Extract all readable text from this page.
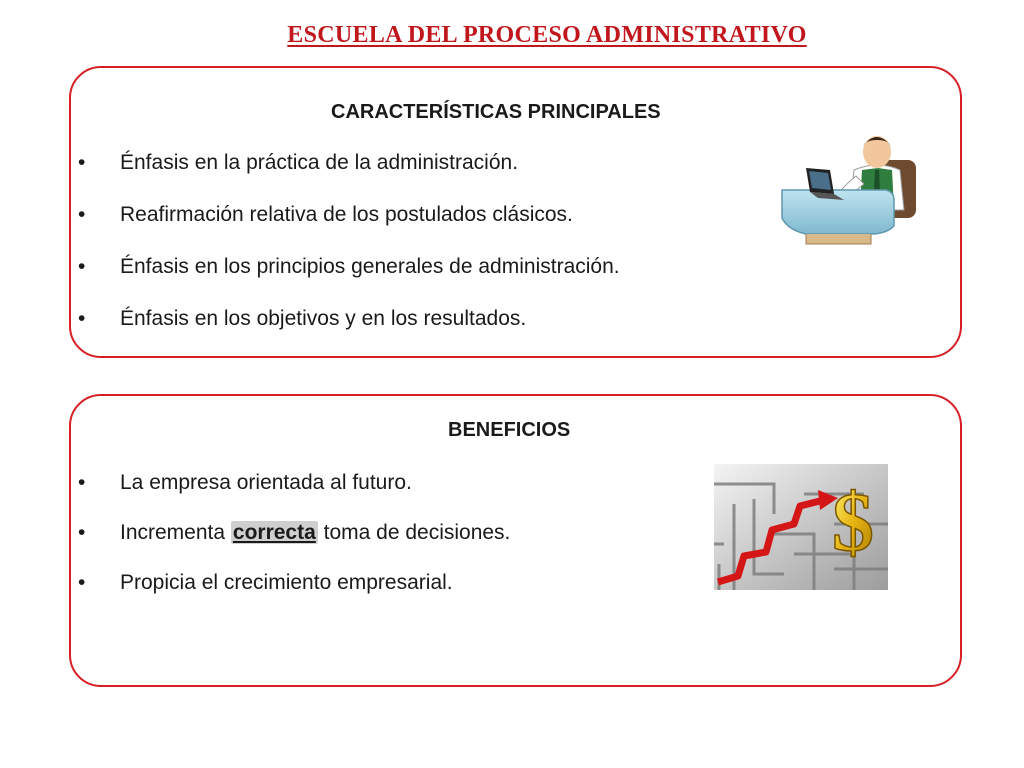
ESCUELA DEL PROCESO ADMINISTRATIVO
CARACTERÍSTICAS PRINCIPALES
• Énfasis en la práctica de la administración.
• Reafirmación relativa de los postulados clásicos.
• Énfasis en los principios generales de administración.
• Énfasis en los objetivos y en los resultados.
BENEFICIOS
• La empresa orientada al futuro.
• Incrementa correcta toma de decisiones.
• Propicia el crecimiento empresarial.
$
